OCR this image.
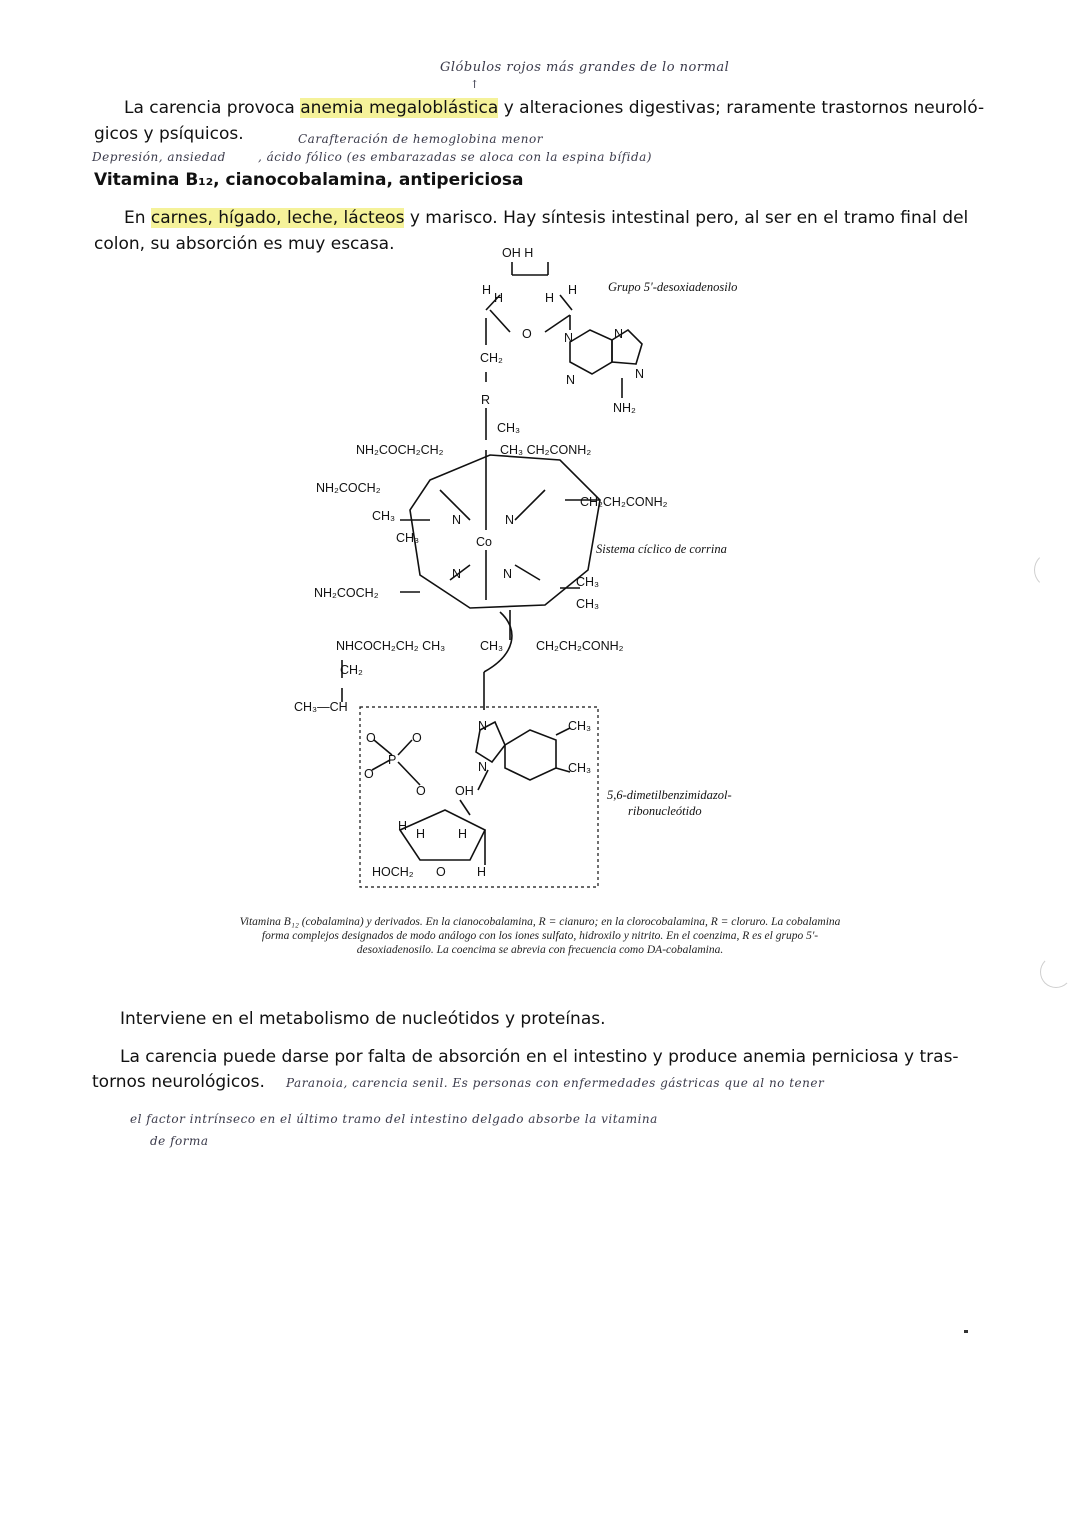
Glóbulos rojos más grandes de lo normal
↑
La carencia provoca anemia megaloblástica y alteraciones digestivas; raramente trastornos neuroló-
gicos y psíquicos.	Carafteración de hemoglobina menor
Depresión, ansiedad	, ácido fólico (es embarazadas se aloca con la espina bífida)
Vitamina B₁₂, cianocobalamina, antipericiosa
En carnes, hígado, leche, lácteos y marisco. Hay síntesis intestinal pero, al ser en el tramo final del
colon, su absorción es muy escasa.	OH H
H
H	H
H
O	N	N
N	N
NH₂
CH₂
R
Grupo 5'-desoxiadenosilo
CH₃
NH₂COCH₂CH₂	CH₃ CH₂CONH₂
NH₂COCH₂
CH₂CH₂CONH₂
CH₃
CH₃
N	N
Co
N	N
Sistema cíclico de corrina
NH₂COCH₂
CH₃
CH₃
NHCOCH₂CH₂ CH₃	CH₃	CH₂CH₂CONH₂
CH₂
CH₃—CH
O	O
P
O
N
N
CH₃
CH₃
5,6-dimetilbenzimidazol-
ribonucleótido
O OH
H
H	H
HOCH₂ O	H
Vitamina B₁₂ (cobalamina) y derivados. En la cianocobalamina, R = cianuro; en la clorocobalamina, R = cloruro. La cobalamina forma complejos designados de modo análogo con los iones sulfato, hidroxilo y nitrito. En el coenzima, R es el grupo 5'-desoxiadenosilo. La coencima se abrevia con frecuencia como DA-cobalamina.
Interviene en el metabolismo de nucleótidos y proteínas.
La carencia puede darse por falta de absorción en el intestino y produce anemia perniciosa y tras-
tornos neurológicos. Paranoia, carencia senil. Es personas con enfermedades gástricas que al no tener
el factor intrínseco en el último tramo del intestino delgado absorbe la vitamina
de forma
